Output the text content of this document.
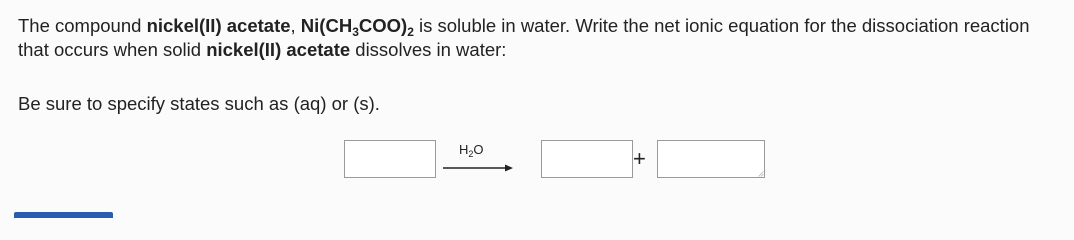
The compound nickel(II) acetate, $Ni(CH_3COO)_2$ is soluble in water. Write the net ionic equation for the dissociation reaction that occurs when solid nickel(II) acetate dissolves in water:

Be sure to specify states such as (aq) or (s).
$H_2O$	+
